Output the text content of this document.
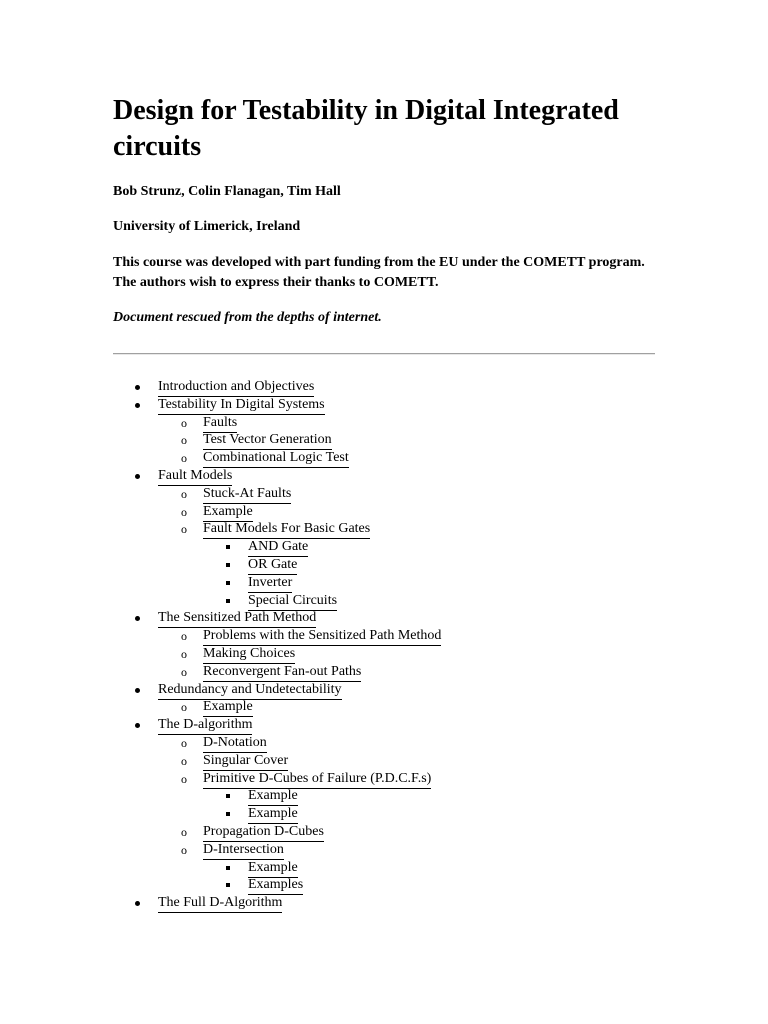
Design for Testability in Digital Integrated circuits

Bob Strunz, Colin Flanagan, Tim Hall

University of Limerick, Ireland

This course was developed with part funding from the EU under the COMETT program. The authors wish to express their thanks to COMETT.

Document rescued from the depths of internet.

Introduction and Objectives
Testability In Digital Systems
o Faults
o Test Vector Generation
o Combinational Logic Test
Fault Models
o Stuck-At Faults
o Example
o Fault Models For Basic Gates
AND Gate
OR Gate
Inverter
Special Circuits
The Sensitized Path Method
o Problems with the Sensitized Path Method
o Making Choices
o Reconvergent Fan-out Paths
Redundancy and Undetectability
o Example
The D-algorithm
o D-Notation
o Singular Cover
o Primitive D-Cubes of Failure (P.D.C.F.s)
Example
Example
o Propagation D-Cubes
o D-Intersection
Example
Examples
The Full D-Algorithm
